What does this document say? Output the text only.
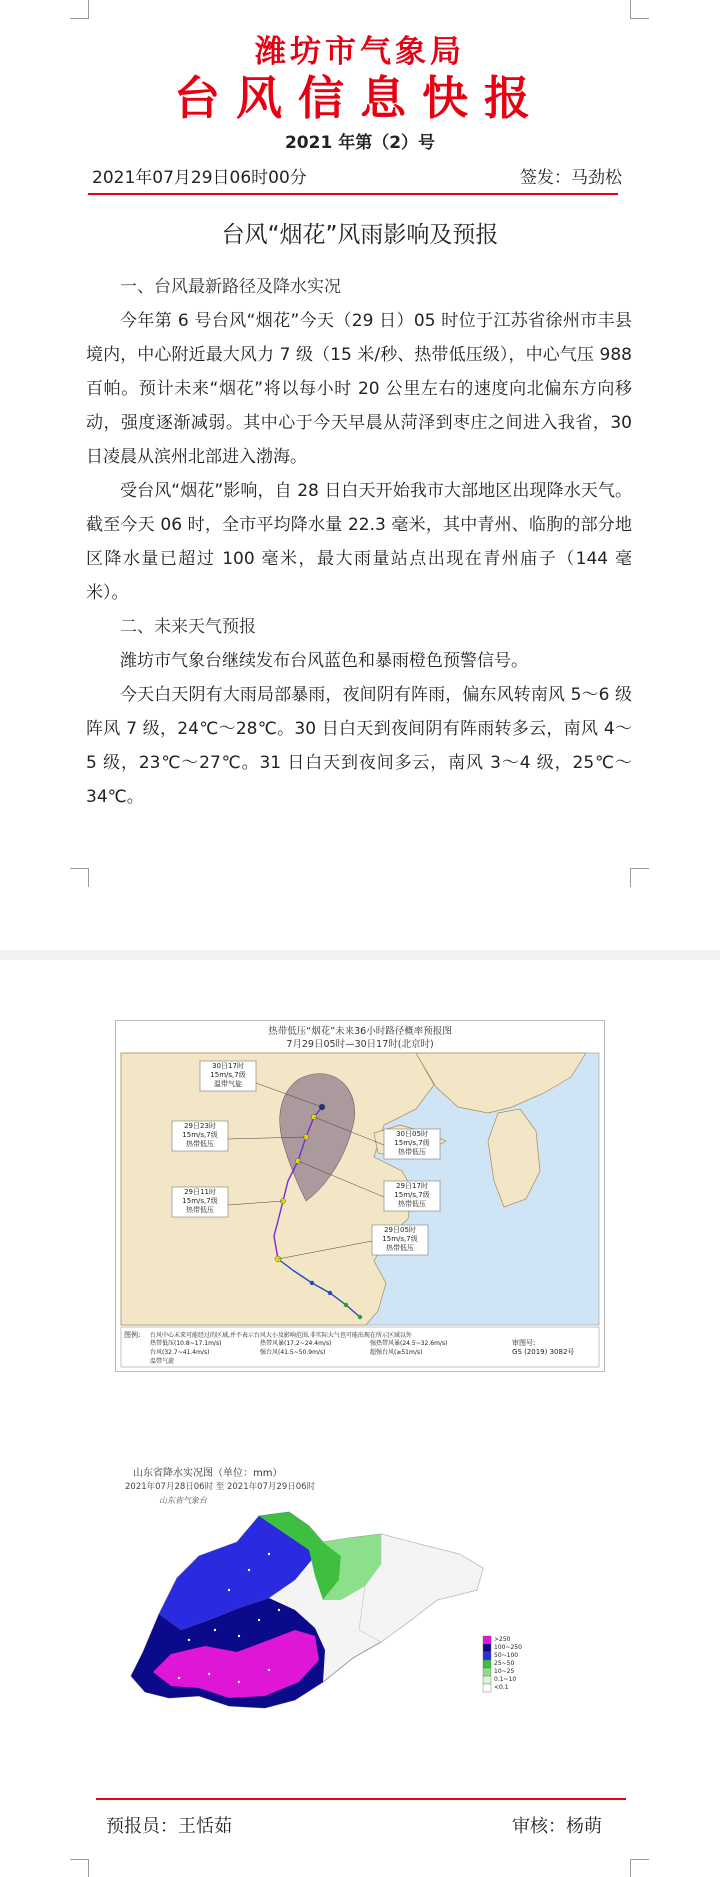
潍坊市气象局
台风信息快报
2021 年第（2）号
2021年07月29日06时00分	签发：马劲松
台风“烟花”风雨影响及预报

一、台风最新路径及降水实况

今年第 6 号台风“烟花”今天（29 日）05 时位于江苏省徐州市丰县境内，中心附近最大风力 7 级（15 米/秒、热带低压级），中心气压 988 百帕。预计未来“烟花”将以每小时 20 公里左右的速度向北偏东方向移动，强度逐渐减弱。其中心于今天早晨从菏泽到枣庄之间进入我省，30 日凌晨从滨州北部进入渤海。

受台风“烟花”影响，自 28 日白天开始我市大部地区出现降水天气。截至今天 06 时，全市平均降水量 22.3 毫米，其中青州、临朐的部分地区降水量已超过 100 毫米，最大雨量站点出现在青州庙子（144 毫米）。

二、未来天气预报

潍坊市气象台继续发布台风蓝色和暴雨橙色预警信号。

今天白天阴有大雨局部暴雨，夜间阴有阵雨，偏东风转南风 5～6 级阵风 7 级，24℃～28℃。30 日白天到夜间阴有阵雨转多云，南风 4～5 级，23℃～27℃。31 日白天到夜间多云，南风 3～4 级，25℃～34℃。

热带低压“烟花”未来36小时路径概率预报图
7月29日05时—30日17时(北京时)
30日17时
15m/s,7级
温带气旋
29日23时
15m/s,7级
热带低压
30日05时
15m/s,7级
热带低压
29日17时
15m/s,7级
热带低压
29日11时
15m/s,7级
热带低压
29日05时
15m/s,7级
热带低压
图例: 台风中心未来可能经过的区域,并不表示台风大小及影响范围,非实际大气也可能出现在所示区域以外
热带低压(10.8~17.1m/s)	热带风暴(17.2~24.4m/s)	强热带风暴(24.5~32.6m/s)
台风(32.7~41.4m/s)	强台风(41.5~50.9m/s)	超强台风(≥51m/s)
温带气旋
审图号:
GS (2019) 3082号
山东省降水实况图（单位：mm）
2021年07月28日06时 至 2021年07月29日06时
山东省气象台
>250
100~250
50~100
25~50
10~25
0.1~10
<0.1
预报员：王恬茹	审核：杨萌
